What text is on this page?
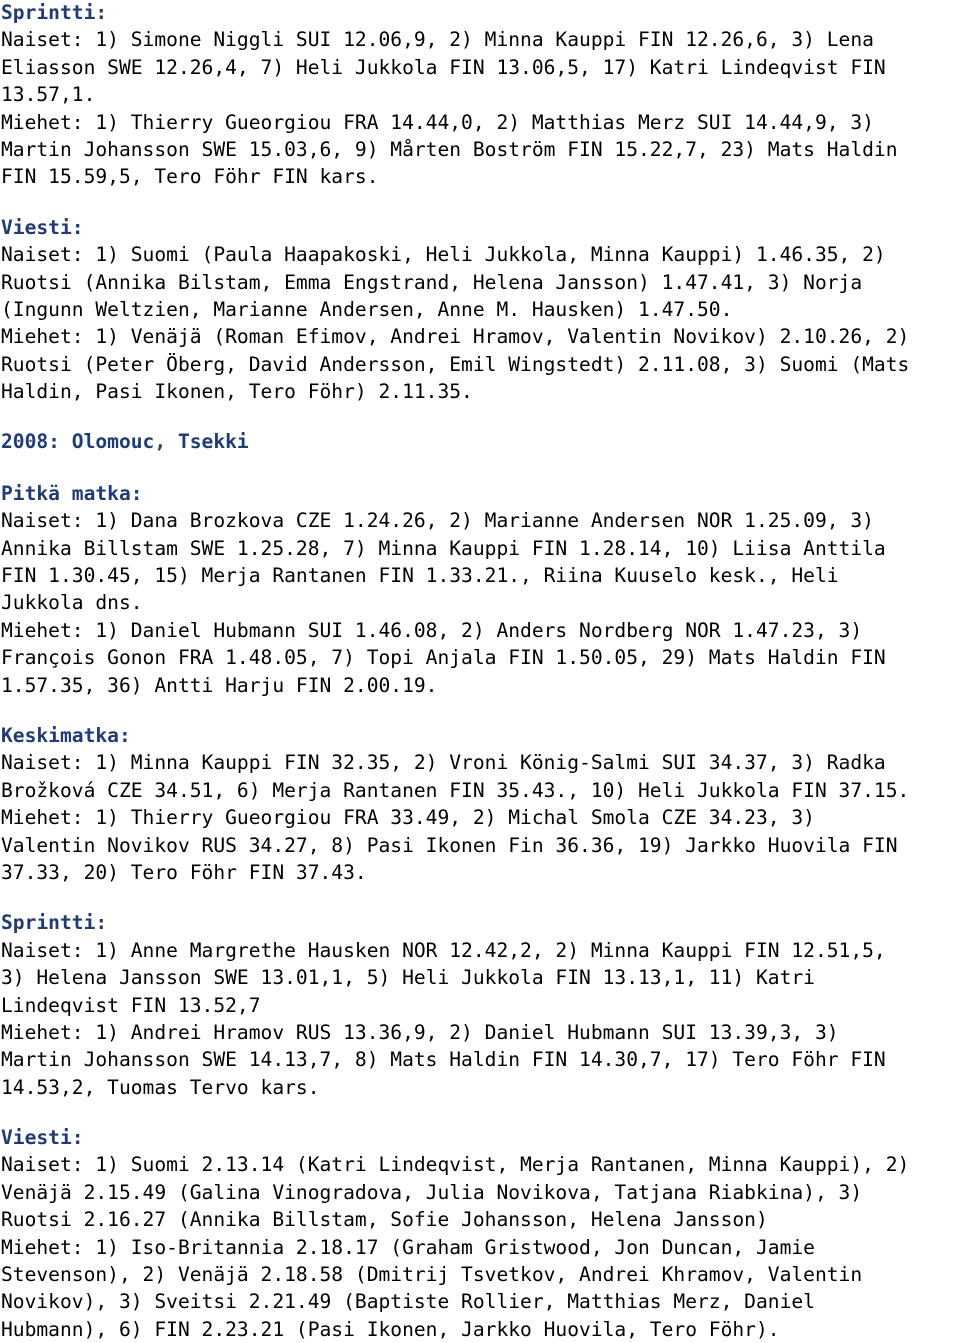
Sprintti:
Naiset: 1) Simone Niggli SUI 12.06,9, 2) Minna Kauppi FIN 12.26,6, 3) Lena
Eliasson SWE 12.26,4, 7) Heli Jukkola FIN 13.06,5, 17) Katri Lindeqvist FIN
13.57,1.
Miehet: 1) Thierry Gueorgiou FRA 14.44,0, 2) Matthias Merz SUI 14.44,9, 3)
Martin Johansson SWE 15.03,6, 9) Mårten Boström FIN 15.22,7, 23) Mats Haldin
FIN 15.59,5, Tero Föhr FIN kars.
Viesti:
Naiset: 1) Suomi (Paula Haapakoski, Heli Jukkola, Minna Kauppi) 1.46.35, 2)
Ruotsi (Annika Bilstam, Emma Engstrand, Helena Jansson) 1.47.41, 3) Norja
(Ingunn Weltzien, Marianne Andersen, Anne M. Hausken) 1.47.50.
Miehet: 1) Venäjä (Roman Efimov, Andrei Hramov, Valentin Novikov) 2.10.26, 2)
Ruotsi (Peter Öberg, David Andersson, Emil Wingstedt) 2.11.08, 3) Suomi (Mats
Haldin, Pasi Ikonen, Tero Föhr) 2.11.35.
2008: Olomouc, Tsekki
Pitkä matka:
Naiset: 1) Dana Brozkova CZE 1.24.26, 2) Marianne Andersen NOR 1.25.09, 3)
Annika Billstam SWE 1.25.28, 7) Minna Kauppi FIN 1.28.14, 10) Liisa Anttila
FIN 1.30.45, 15) Merja Rantanen FIN 1.33.21., Riina Kuuselo kesk., Heli
Jukkola dns.
Miehet: 1) Daniel Hubmann SUI 1.46.08, 2) Anders Nordberg NOR 1.47.23, 3)
François Gonon FRA 1.48.05, 7) Topi Anjala FIN 1.50.05, 29) Mats Haldin FIN
1.57.35, 36) Antti Harju FIN 2.00.19.
Keskimatka:
Naiset: 1) Minna Kauppi FIN 32.35, 2) Vroni König-Salmi SUI 34.37, 3) Radka
Brožková CZE 34.51, 6) Merja Rantanen FIN 35.43., 10) Heli Jukkola FIN 37.15.
Miehet: 1) Thierry Gueorgiou FRA 33.49, 2) Michal Smola CZE 34.23, 3)
Valentin Novikov RUS 34.27, 8) Pasi Ikonen Fin 36.36, 19) Jarkko Huovila FIN
37.33, 20) Tero Föhr FIN 37.43.
Sprintti:
Naiset: 1) Anne Margrethe Hausken NOR 12.42,2, 2) Minna Kauppi FIN 12.51,5,
3) Helena Jansson SWE 13.01,1, 5) Heli Jukkola FIN 13.13,1, 11) Katri
Lindeqvist FIN 13.52,7
Miehet: 1) Andrei Hramov RUS 13.36,9, 2) Daniel Hubmann SUI 13.39,3, 3)
Martin Johansson SWE 14.13,7, 8) Mats Haldin FIN 14.30,7, 17) Tero Föhr FIN
14.53,2, Tuomas Tervo kars.
Viesti:
Naiset: 1) Suomi 2.13.14 (Katri Lindeqvist, Merja Rantanen, Minna Kauppi), 2)
Venäjä 2.15.49 (Galina Vinogradova, Julia Novikova, Tatjana Riabkina), 3)
Ruotsi 2.16.27 (Annika Billstam, Sofie Johansson, Helena Jansson)
Miehet: 1) Iso-Britannia 2.18.17 (Graham Gristwood, Jon Duncan, Jamie
Stevenson), 2) Venäjä 2.18.58 (Dmitrij Tsvetkov, Andrei Khramov, Valentin
Novikov), 3) Sveitsi 2.21.49 (Baptiste Rollier, Matthias Merz, Daniel
Hubmann), 6) FIN 2.23.21 (Pasi Ikonen, Jarkko Huovila, Tero Föhr).
